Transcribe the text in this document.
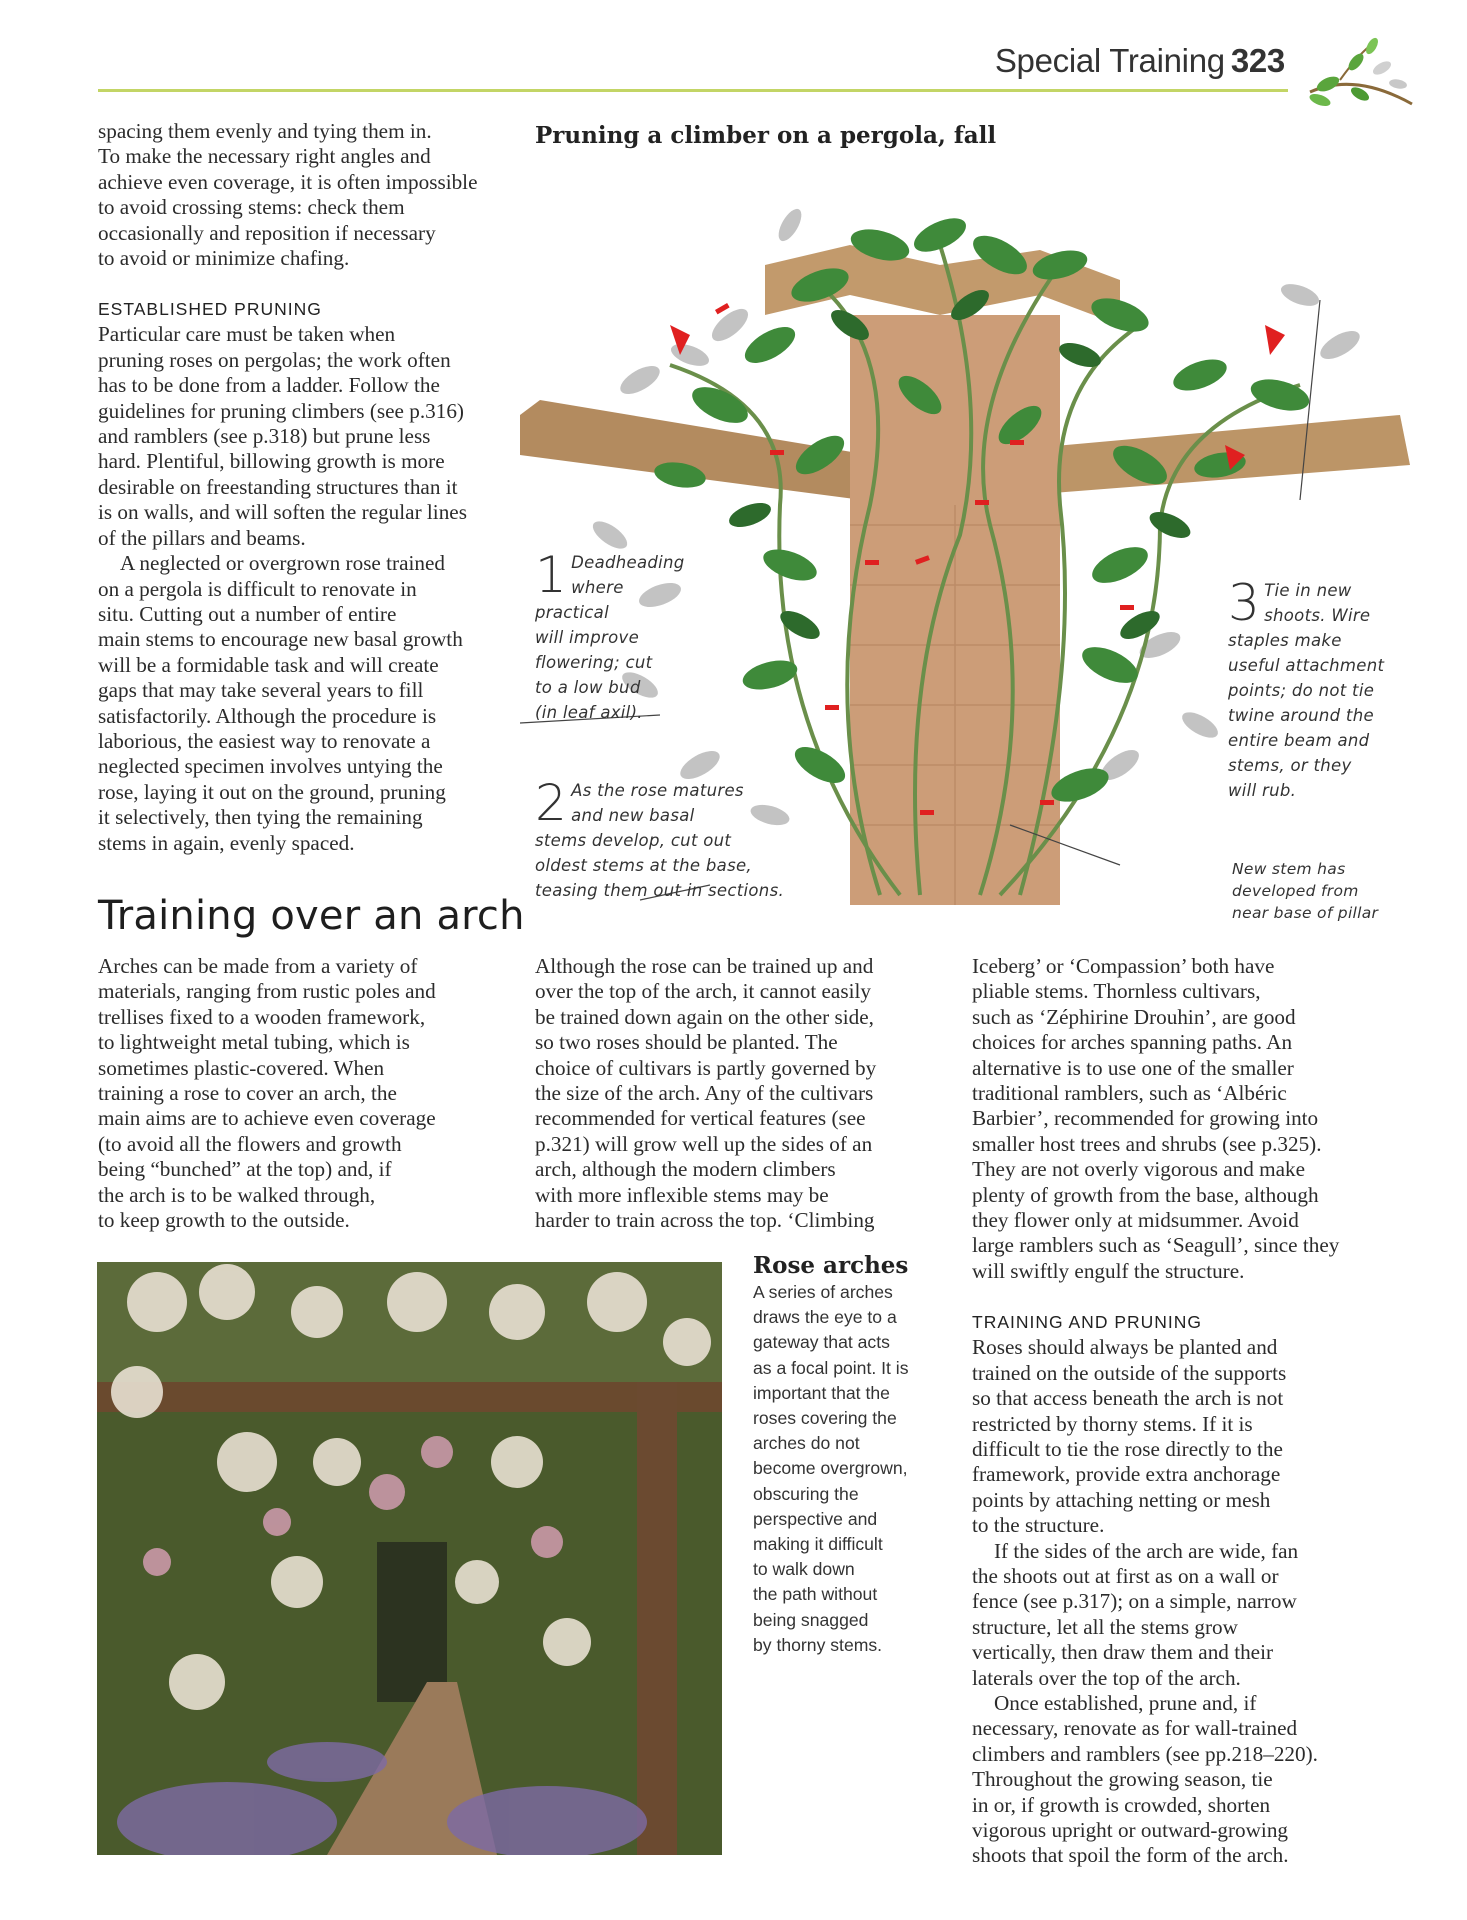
Special Training 323
spacing them evenly and tying them in.
To make the necessary right angles and
achieve even coverage, it is often impossible
to avoid crossing stems: check them
occasionally and reposition if necessary
to avoid or minimize chafing.

ESTABLISHED PRUNING

Particular care must be taken when
pruning roses on pergolas; the work often
has to be done from a ladder. Follow the
guidelines for pruning climbers (see p.316)
and ramblers (see p.318) but prune less
hard. Plentiful, billowing growth is more
desirable on freestanding structures than it
is on walls, and will soften the regular lines
of the pillars and beams.
A neglected or overgrown rose trained
on a pergola is difficult to renovate in
situ. Cutting out a number of entire
main stems to encourage new basal growth
will be a formidable task and will create
gaps that may take several years to fill
satisfactorily. Although the procedure is
laborious, the easiest way to renovate a
neglected specimen involves untying the
rose, laying it out on the ground, pruning
it selectively, then tying the remaining
stems in again, evenly spaced.
Pruning a climber on a pergola, fall
1 Deadheading
where
practical
will improve
flowering; cut
to a low bud
(in leaf axil).
2 As the rose matures
and new basal
stems develop, cut out
oldest stems at the base,
teasing them out in sections.
3 Tie in new
shoots. Wire
staples make
useful attachment
points; do not tie
twine around the
entire beam and
stems, or they
will rub.
New stem has
developed from
near base of pillar
Training over an arch
Arches can be made from a variety of
materials, ranging from rustic poles and
trellises fixed to a wooden framework,
to lightweight metal tubing, which is
sometimes plastic-covered. When
training a rose to cover an arch, the
main aims are to achieve even coverage
(to avoid all the flowers and growth
being “bunched” at the top) and, if
the arch is to be walked through,
to keep growth to the outside.
Although the rose can be trained up and
over the top of the arch, it cannot easily
be trained down again on the other side,
so two roses should be planted. The
choice of cultivars is partly governed by
the size of the arch. Any of the cultivars
recommended for vertical features (see
p.321) will grow well up the sides of an
arch, although the modern climbers
with more inflexible stems may be
harder to train across the top. ‘Climbing
Iceberg’ or ‘Compassion’ both have
pliable stems. Thornless cultivars,
such as ‘Zéphirine Drouhin’, are good
choices for arches spanning paths. An
alternative is to use one of the smaller
traditional ramblers, such as ‘Albéric
Barbier’, recommended for growing into
smaller host trees and shrubs (see p.325).
They are not overly vigorous and make
plenty of growth from the base, although
they flower only at midsummer. Avoid
large ramblers such as ‘Seagull’, since they
will swiftly engulf the structure.

TRAINING AND PRUNING

Roses should always be planted and
trained on the outside of the supports
so that access beneath the arch is not
restricted by thorny stems. If it is
difficult to tie the rose directly to the
framework, provide extra anchorage
points by attaching netting or mesh
to the structure.
If the sides of the arch are wide, fan
the shoots out at first as on a wall or
fence (see p.317); on a simple, narrow
structure, let all the stems grow
vertically, then draw them and their
laterals over the top of the arch.
Once established, prune and, if
necessary, renovate as for wall-trained
climbers and ramblers (see pp.218–220).
Throughout the growing season, tie
in or, if growth is crowded, shorten
vigorous upright or outward-growing
shoots that spoil the form of the arch.
Rose arches
A series of arches
draws the eye to a
gateway that acts
as a focal point. It is
important that the
roses covering the
arches do not
become overgrown,
obscuring the
perspective and
making it difficult
to walk down
the path without
being snagged
by thorny stems.
